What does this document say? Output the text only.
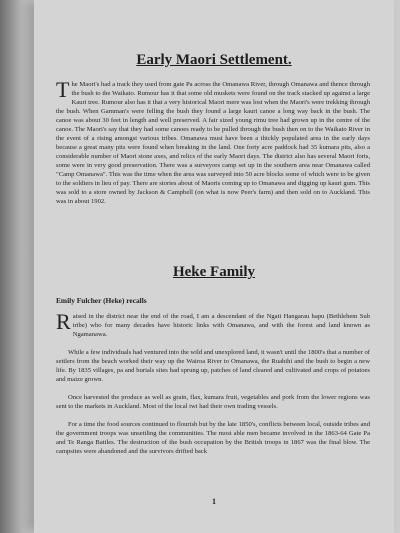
Early Maori Settlement.

The Maori's had a track they used from gate Pa across the Omanawa River, through Omanawa and thence through the bush to the Waikato. Rumour has it that some old muskets were found on the track stacked up against a large Kauri tree. Rumour also has it that a very historical Maori mere was lost when the Maori's were trekking through the bush. When Gamman's were felling the bush they found a large kauri canoe a long way back in the bush. The canoe was about 30 feet in length and well preserved. A fair sized young rimu tree had grown up in the centre of the canoe. The Maori's say that they had some canoes ready to be pulled through the bush then on to the Waikato River in the event of a rising amongst various tribes. Omanawa must have been a thickly populated area in the early days because a great many pits were found when breaking in the land. One forty acre paddock had 35 kumara pits, also a considerable number of Maori stone axes, and relics of the early Maori days. The district also has several Maori forts, some were in very good preservation. There was a surveyors camp set up in the southern area near Omanawa called "Camp Omanawa". This was the time when the area was surveyed into 50 acre blocks some of which were to be given to the soldiers in lieu of pay. There are stories about of Maoris coming up to Omanawa and digging up kauri gum. This was sold to a store owned by Jackson & Campbell (on what is now Peer's farm) and then sold on to Auckland. This was in about 1902.

Heke Family
Emily Fulcher (Heke) recalls

Raised in the district near the end of the road, I am a descendant of the Ngati Hangarau hapu (Bethlehem Sub tribe) who for many decades have historic links with Omanawa, and with the forest and land known as Ngamanawa.

While a few individuals had ventured into the wild and unexplored land, it wasn't until the 1800's that a number of settlers from the beach worked their way up the Wairoa River to Omanawa, the Ruahihi and the bush to begin a new life. By 1835 villages, pa and burials sites had sprung up, patches of land cleared and cultivated and crops of potatoes and maize grown.

Once harvested the produce as well as grain, flax, kumara fruit, vegetables and pork from the lower regions was sent to the markets in Auckland. Most of the local iwi had their own trading vessels.

For a time the food sources continued to flourish but by the late 1850's, conflicts between local, outside tribes and the government troops was unsettling the communities. The most able men became involved in the 1863-64 Gate Pa and Te Ranga Battles. The destruction of the bush occupation by the British troops in 1867 was the final blow. The campsites were abandoned and the survivors drifted back

1
